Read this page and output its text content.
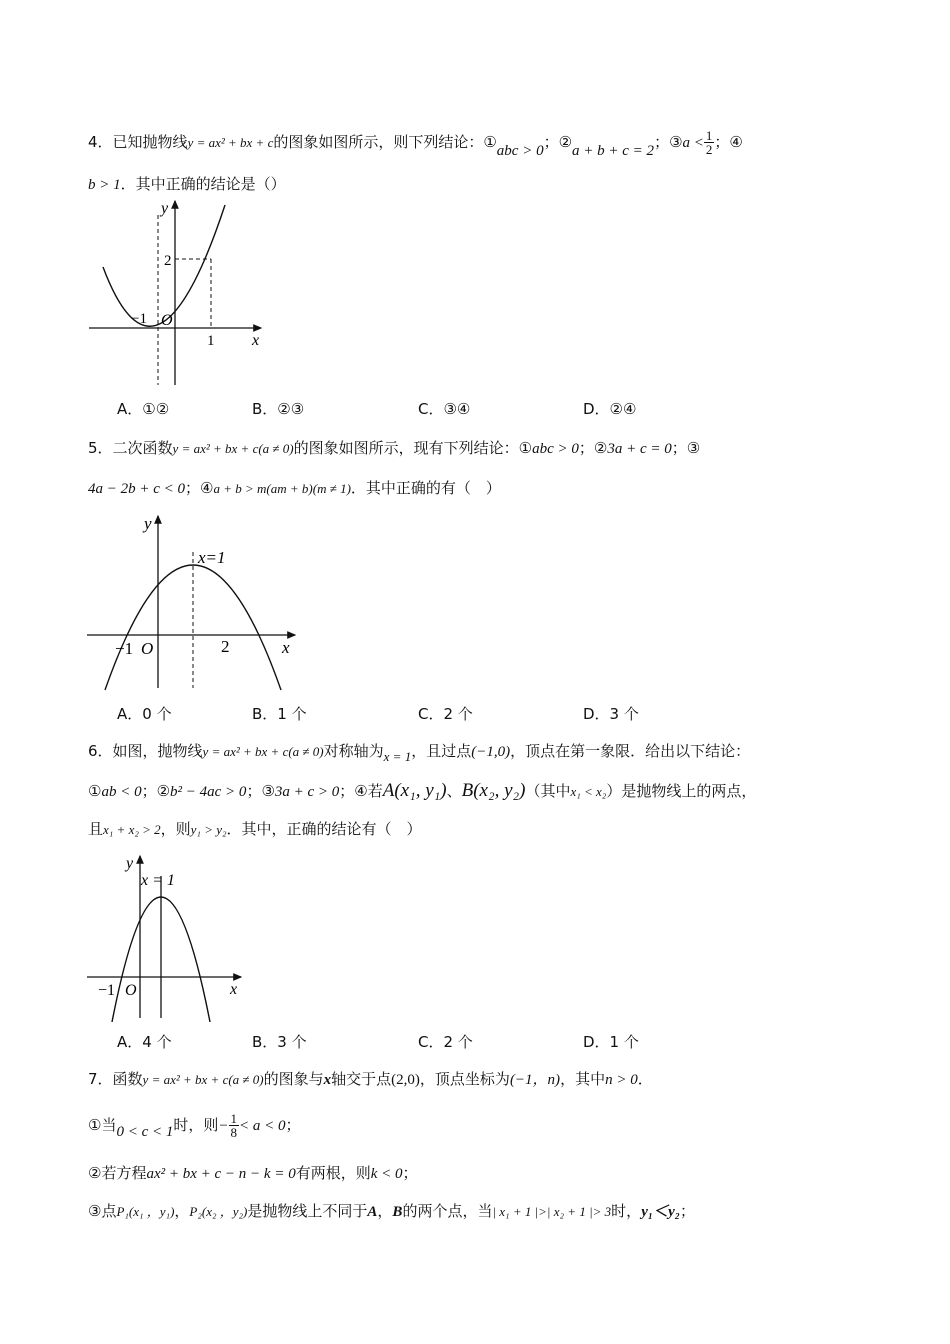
4．已知抛物线y = ax² + bx + c的图象如图所示，则下列结论：①abc > 0；②a + b + c = 2；③a < $\frac{1}{2}$ ；④
b > 1．其中正确的结论是（）
y
x
O
−1
1
2
A．①②	B．②③	C．③④	D．②④
5．二次函数y = ax² + bx + c(a ≠ 0)的图象如图所示，现有下列结论：①abc > 0；②3a + c = 0；③
4a − 2b + c < 0；④a + b > m(am + b)(m ≠ 1)．其中正确的有（　）
y
x
O
−1	2
x=1
A．0 个	B．1 个	C．2 个	D．3 个
6．如图，抛物线y = ax² + bx + c(a ≠ 0)对称轴为x = 1，且过点(−1,0)，顶点在第一象限．给出以下结论：
①ab < 0；②b² − 4ac > 0；③3a + c > 0；④若A(x₁, y₁)、B(x₂, y₂)（其中x₁ < x₂）是抛物线上的两点，
且x₁ + x₂ > 2，则y₁ > y₂．其中，正确的结论有（　）
y
x
O
−1
x = 1
A．4 个	B．3 个	C．2 个	D．1 个
7．函数y = ax² + bx + c(a ≠ 0)的图象与x轴交于点(2,0)，顶点坐标为(−1，n)，其中n > 0．
①当0 < c < 1时，则− $\frac{1}{8} < a < 0$；
②若方程ax² + bx + c − n − k = 0有两根，则k < 0；
③点P₁(x₁ ，y₁)，P₂(x₂ ，y₂)是抛物线上不同于A，B的两个点，当| x₁ + 1 |>| x₂ + 1 |> 3时，y₁＜y₂；
